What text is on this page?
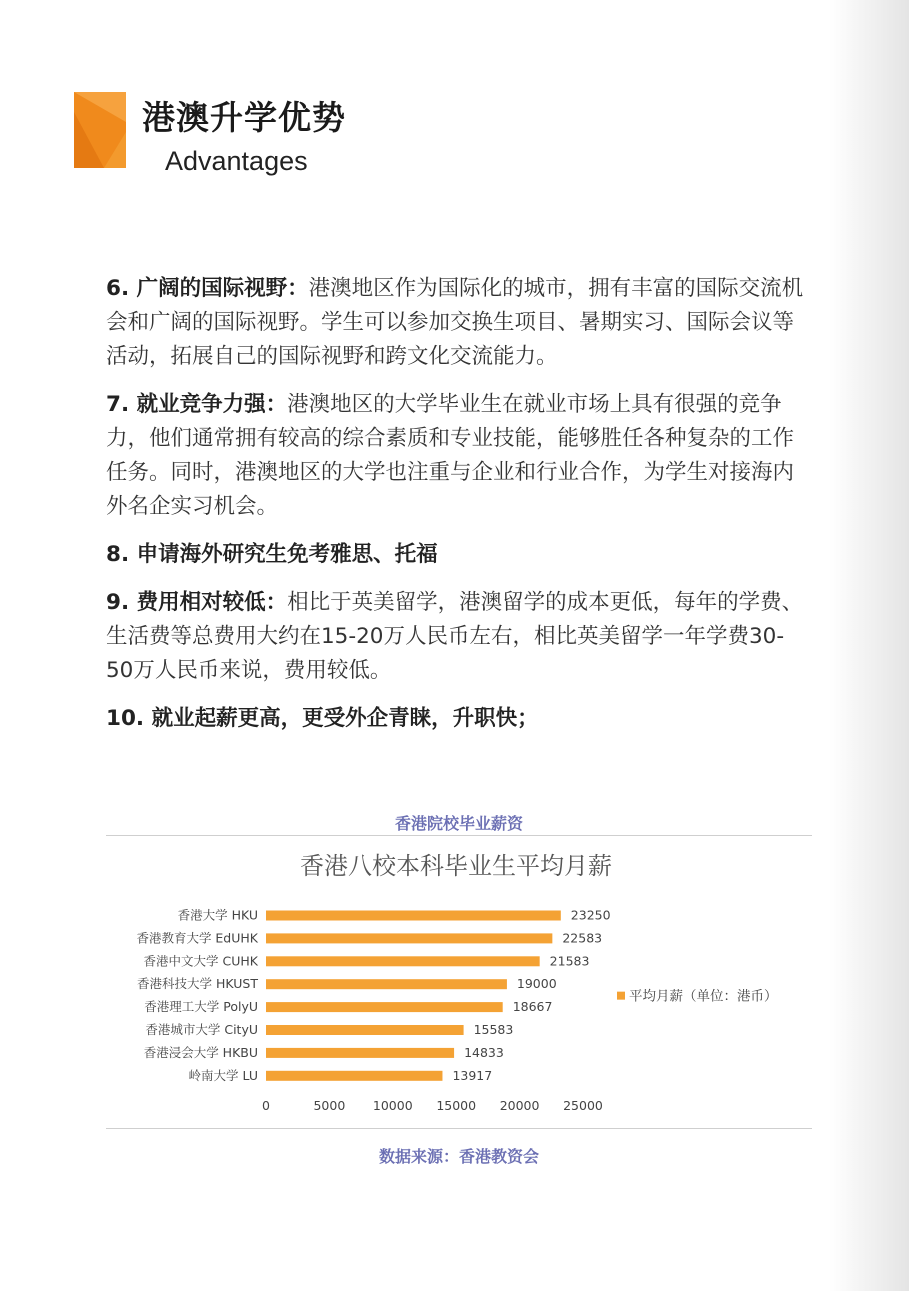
港澳升学优势
Advantages

6. 广阔的国际视野：港澳地区作为国际化的城市，拥有丰富的国际交流机会和广阔的国际视野。学生可以参加交换生项目、暑期实习、国际会议等活动，拓展自己的国际视野和跨文化交流能力。

7. 就业竞争力强：港澳地区的大学毕业生在就业市场上具有很强的竞争力，他们通常拥有较高的综合素质和专业技能，能够胜任各种复杂的工作任务。同时，港澳地区的大学也注重与企业和行业合作，为学生对接海内外名企实习机会。

8. 申请海外研究生免考雅思、托福

9. 费用相对较低：相比于英美留学，港澳留学的成本更低，每年的学费、生活费等总费用大约在15-20万人民币左右，相比英美留学一年学费30-50万人民币来说，费用较低。

10. 就业起薪更高，更受外企青睐，升职快；

香港院校毕业薪资
香港八校本科毕业生平均月薪
香港大学 HKU	23250
香港教育大学 EdUHK	22583
香港中文大学 CUHK	21583
香港科技大学 HKUST	19000
香港理工大学 PolyU	18667
香港城市大学 CityU	15583
香港浸会大学 HKBU	14833
岭南大学 LU	13917
0	5000 10000 15000 20000 25000
平均月薪（单位：港币）
数据来源：香港教资会
